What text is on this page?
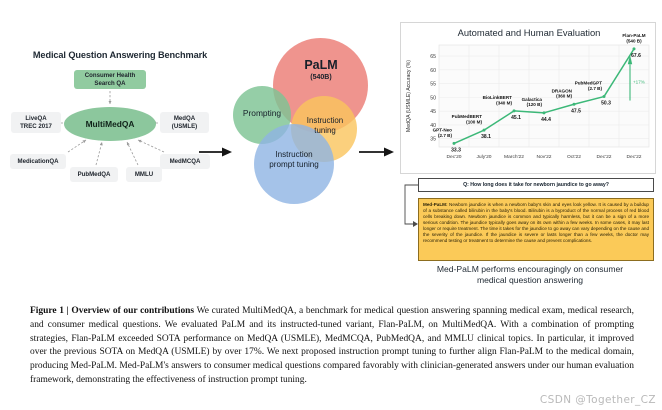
Medical Question Answering Benchmark
Consumer Health
Search QA
MultiMedQA
LiveQA
TREC 2017
MedQA
(USMLE)
MedicationQA
PubMedQA	MMLU
MedMCQA
PaLM
(540B)
Prompting
Instruction
tuning
Instruction
prompt tuning
Automated and Human Evaluation
35
40
45
50
55
60
65
MedQA (USMLE) Accuracy (%)
Dec'20	July'20	March'22	Nov'22	Oct'22	Dec'22	Dec'22
33.3
GPT-Neo
(2.7 B)	38.1
PubMedBERT
(100 M)
45.1
BioLinkBERT
(340 M)
44.4
Galactica
(120 B)
47.5
DRAGON
(360 M)
50.3
PubMedGPT
(2.7 B)
67.6
Flan-PaLM
(540 B)
+17%
Q: How long does it take for newborn jaundice to go away?
Med-PaLM: Newborn jaundice is when a newborn baby's skin and eyes look yellow. It is caused by a buildup of a substance called bilirubin in the baby's blood. Bilirubin is a byproduct of the normal process of red blood cells breaking down. Newborn jaundice is common and typically harmless, but it can be a sign of a more serious condition. The jaundice typically goes away on its own within a few weeks. In some cases, it may last longer or require treatment. The time it takes for the jaundice to go away can vary depending on the cause and the severity of the jaundice. If the jaundice is severe or lasts longer than a few weeks, the doctor may recommend testing or treatment to determine the cause and prevent complications.
Med-PaLM performs encouragingly on consumer
medical question answering
Figure 1 | Overview of our contributions We curated MultiMedQA, a benchmark for medical question answering spanning medical exam, medical research, and consumer medical questions. We evaluated PaLM and its instructed-tuned variant, Flan-PaLM, on MultiMedQA. With a combination of prompting strategies, Flan-PaLM exceeded SOTA performance on MedQA (USMLE), MedMCQA, PubMedQA, and MMLU clinical topics. In particular, it improved over the previous SOTA on MedQA (USMLE) by over 17%. We next proposed instruction prompt tuning to further align Flan-PaLM to the medical domain, producing Med-PaLM. Med-PaLM's answers to consumer medical questions compared favorably with clinician-generated answers under our human evaluation framework, demonstrating the effectiveness of instruction prompt tuning.
CSDN @Together_CZ
